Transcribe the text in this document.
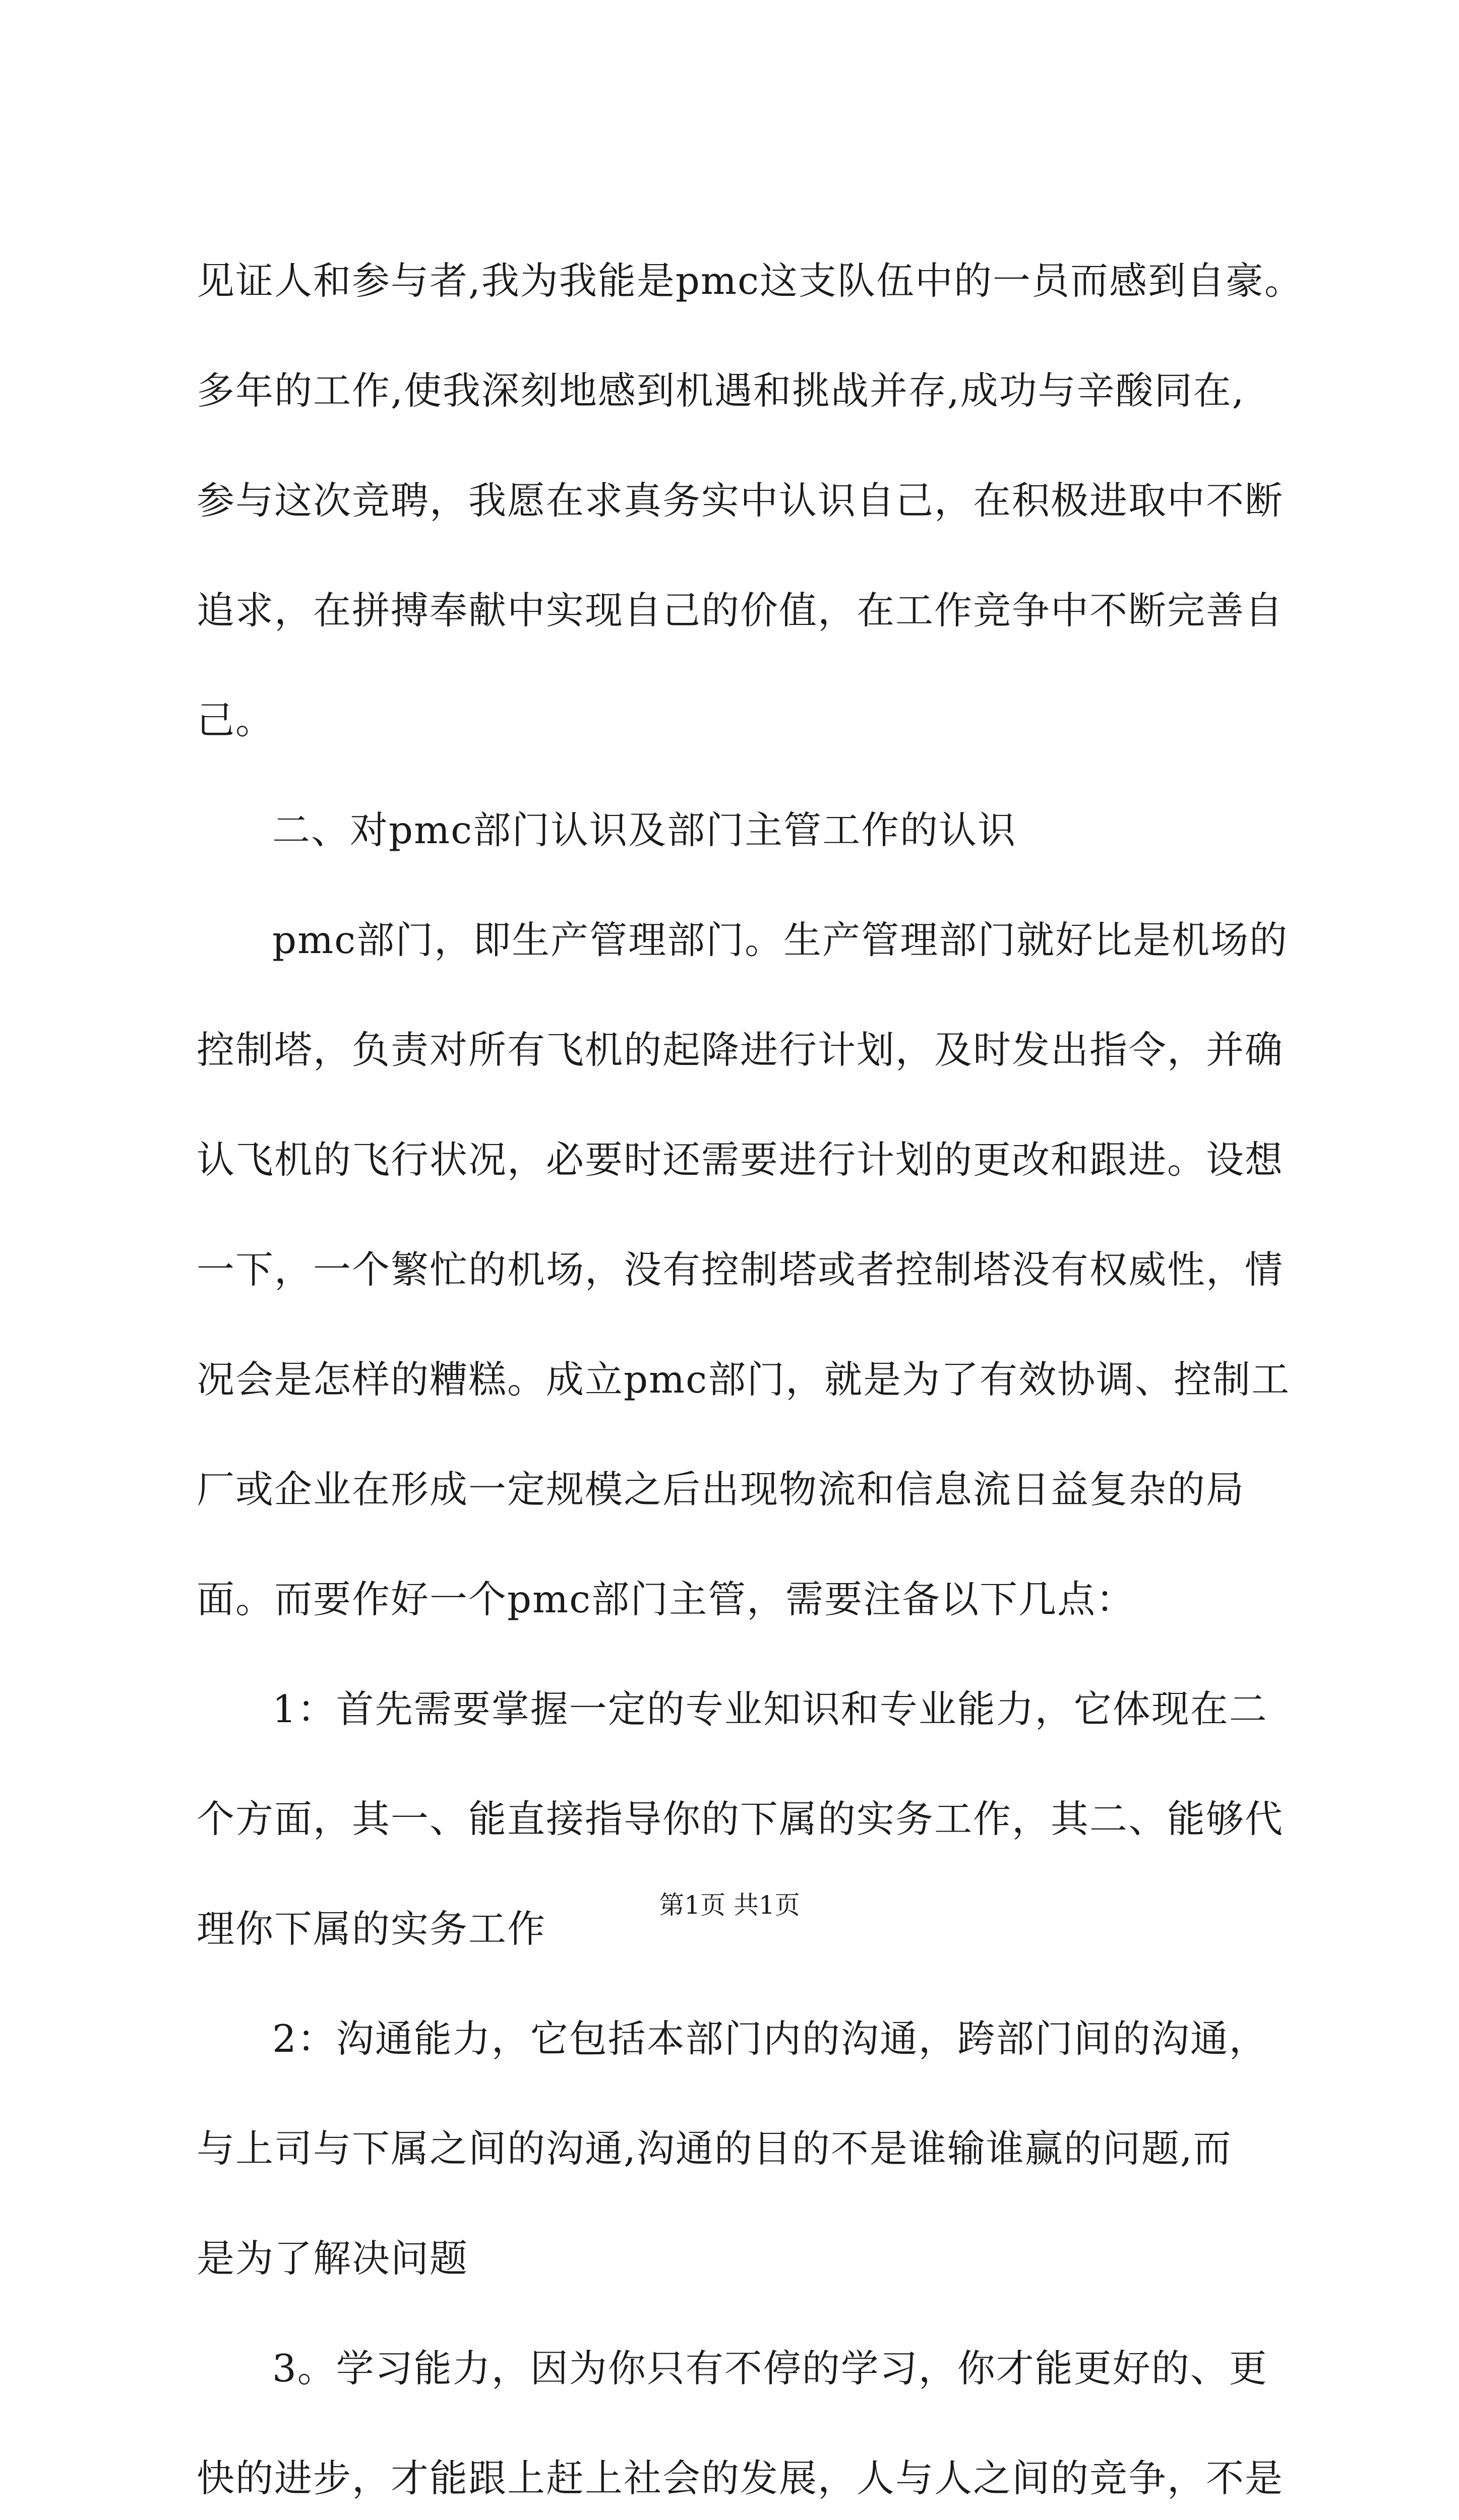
见证人和参与者,我为我能是pmc这支队伍中的一员而感到自豪。
多年的工作,使我深刻地感到机遇和挑战并存,成功与辛酸同在,
参与这次竞聘，我愿在求真务实中认识自己，在积极进取中不断
追求，在拼搏奉献中实现自己的价值，在工作竞争中不断完善自
己。
二、对pmc部门认识及部门主管工作的认识
pmc部门，即生产管理部门。生产管理部门就好比是机场的
控制塔，负责对所有飞机的起降进行计划，及时发出指令，并确
认飞机的飞行状况，必要时还需要进行计划的更改和跟进。设想
一下，一个繁忙的机场，没有控制塔或者控制塔没有权威性，情
况会是怎样的糟糕。成立pmc部门，就是为了有效协调、控制工
厂或企业在形成一定规模之后出现物流和信息流日益复杂的局
面。而要作好一个pmc部门主管，需要注备以下几点：
1：首先需要掌握一定的专业知识和专业能力，它体现在二
个方面，其一、能直接指导你的下属的实务工作，其二、能够代
理你下属的实务工作
2：沟通能力，它包括本部门内的沟通，跨部门间的沟通，
与上司与下属之间的沟通,沟通的目的不是谁输谁赢的问题,而
是为了解决问题
3。学习能力，因为你只有不停的学习，你才能更好的、更
快的进步，才能跟上赶上社会的发展，人与人之间的竞争，不是
第1页 共1页
